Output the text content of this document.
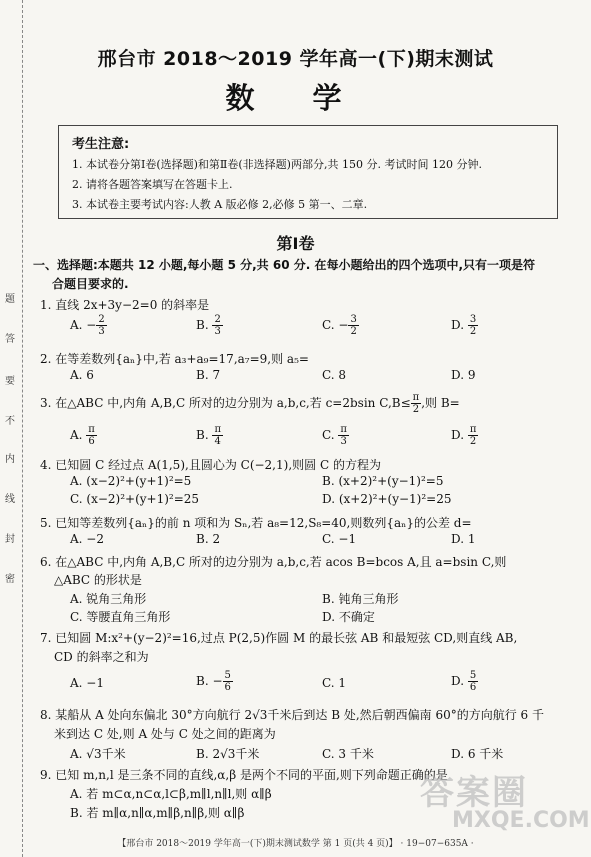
题
答
要
不
内
线
封
密
邢台市 2018～2019 学年高一(下)期末测试
数 学
考生注意:
1. 本试卷分第Ⅰ卷(选择题)和第Ⅱ卷(非选择题)两部分,共 150 分. 考试时间 120 分钟.
2. 请将各题答案填写在答题卡上.
3. 本试卷主要考试内容:人教 A 版必修 2,必修 5 第一、二章.
第Ⅰ卷
一、选择题:本题共 12 小题,每小题 5 分,共 60 分. 在每小题给出的四个选项中,只有一项是符
合题目要求的.
1. 直线 2x+3y−2=0 的斜率是
A. − $\frac{2}{3}$	B. $\frac{2}{3}$	C. − $\frac{3}{2}$	D. $\frac{3}{2}$
2. 在等差数列{aₙ}中,若 a₃+a₉=17,a₇=9,则 a₅=
A. 6	B. 7	C. 8	D. 9
3. 在△ABC 中,内角 A,B,C 所对的边分别为 a,b,c,若 c=2bsin $C,B\le \frac{\pi}{2}$ ,则 B=
A. $\frac{\pi}{6}$	B. $\frac{\pi}{4}$	C. $\frac{\pi}{3}$	D. $\frac{\pi}{2}$
4. 已知圆 C 经过点 A(1,5),且圆心为 C(−2,1),则圆 C 的方程为
A. (x−2)²+(y+1)²=5	B. (x+2)²+(y−1)²=5
C. (x−2)²+(y+1)²=25	D. (x+2)²+(y−1)²=25
5. 已知等差数列{aₙ}的前 n 项和为 Sₙ,若 a₈=12,S₈=40,则数列{aₙ}的公差 d=
A. −2	B. 2	C. −1	D. 1
6. 在△ABC 中,内角 A,B,C 所对的边分别为 a,b,c,若 acos B=bcos A,且 a=bsin C,则
△ABC 的形状是
A. 锐角三角形	B. 钝角三角形
C. 等腰直角三角形	D. 不确定
7. 已知圆 M:x²+(y−2)²=16,过点 P(2,5)作圆 M 的最长弦 AB 和最短弦 CD,则直线 AB,
CD 的斜率之和为
A. −1	B. − $\frac{5}{6}$	C. 1	D. $\frac{5}{6}$
8. 某船从 A 处向东偏北 30°方向航行 2√3千米后到达 B 处,然后朝西偏南 60°的方向航行 6 千
米到达 C 处,则 A 处与 C 处之间的距离为
A. √3千米	B. 2√3千米	C. 3 千米	D. 6 千米
9. 已知 m,n,l 是三条不同的直线,α,β 是两个不同的平面,则下列命题正确的是
A. 若 m⊂α,n⊂α,l⊂β,m∥l,n∥l,则 α∥β
B. 若 m∥α,n∥α,m∥β,n∥β,则 α∥β	答案圈
MXQE.COM
【邢台市 2018～2019 学年高一(下)期末测试数学 第 1 页(共 4 页)】 · 19−07−635A ·
